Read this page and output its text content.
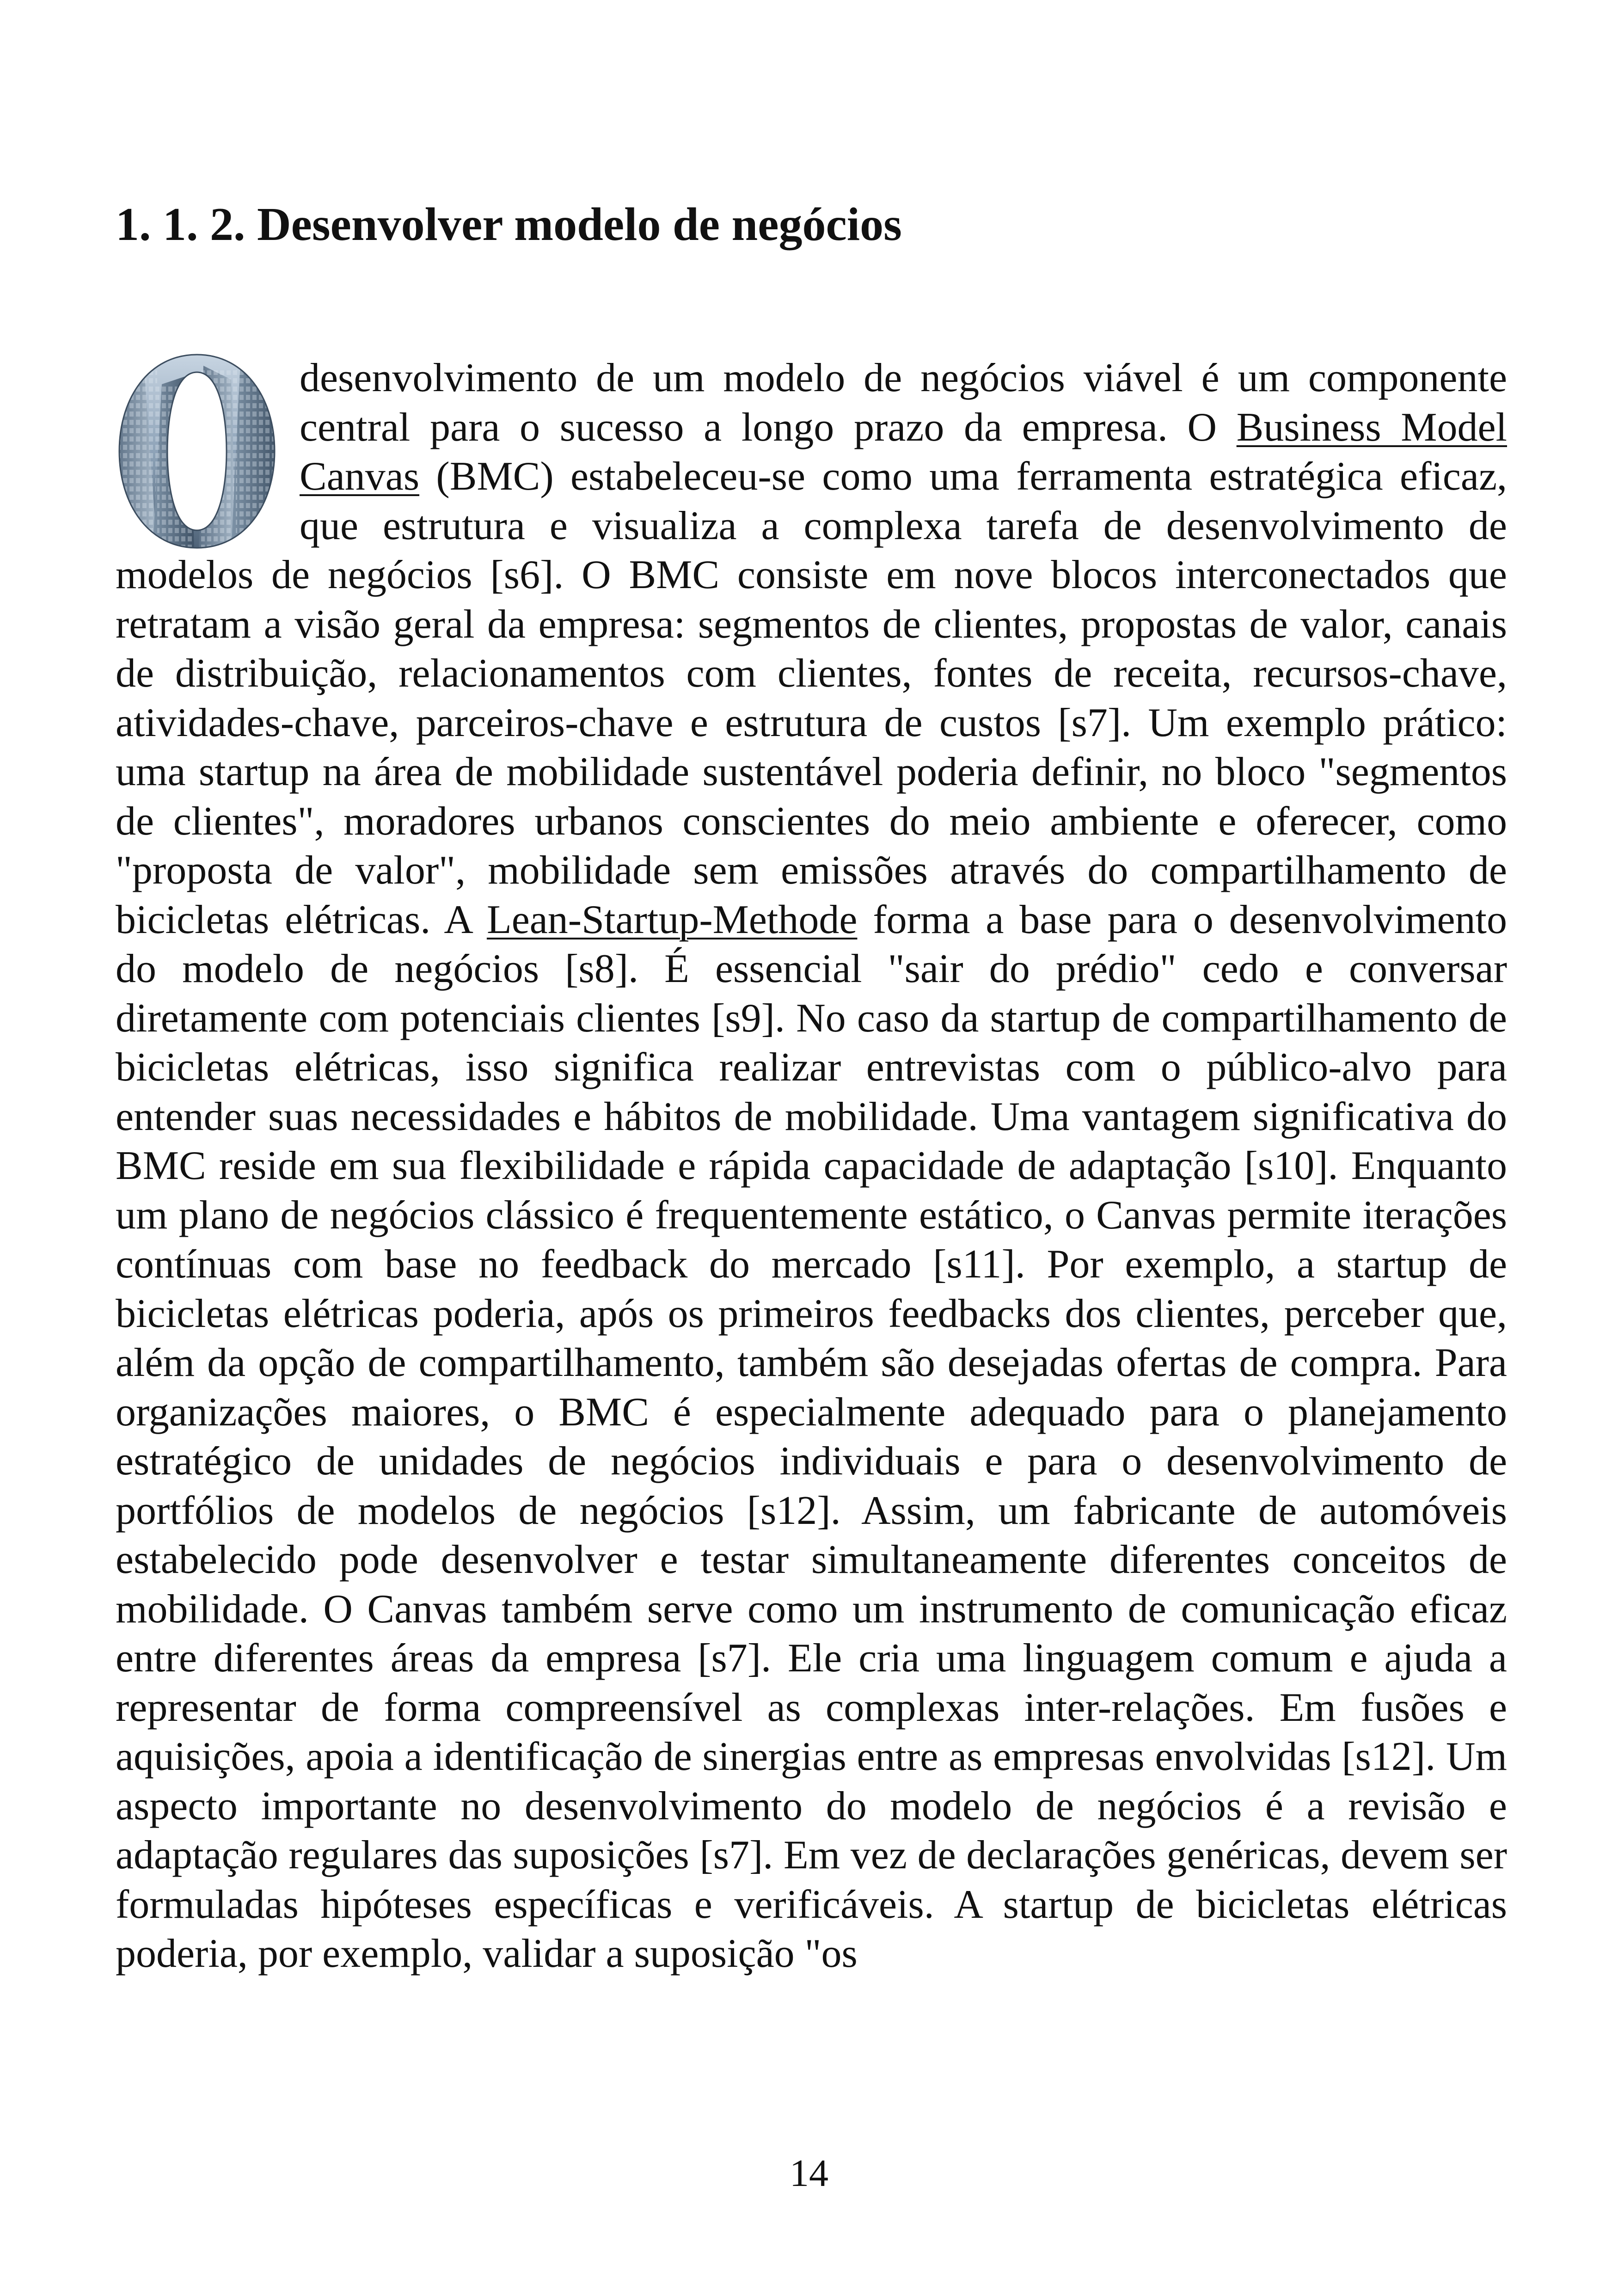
1. 1. 2. Desenvolver modelo de negócios

desenvolvimento de um modelo de negócios viável é um componente central para o sucesso a longo prazo da empresa. O Business Model Canvas (BMC) estabeleceu-se como uma ferramenta estratégica eficaz, que estrutura e visualiza a complexa tarefa de desenvolvimento de modelos de negócios [s6]. O BMC consiste em nove blocos interconectados que retratam a visão geral da empresa: segmentos de clientes, propostas de valor, canais de distribuição, relacionamentos com clientes, fontes de receita, recursos-chave, atividades-chave, parceiros-chave e estrutura de custos [s7]. Um exemplo prático: uma startup na área de mobilidade sustentável poderia definir, no bloco "segmentos de clientes", moradores urbanos conscientes do meio ambiente e oferecer, como "proposta de valor", mobilidade sem emissões através do compartilhamento de bicicletas elétricas. A Lean-Startup-Methode forma a base para o desenvolvimento do modelo de negócios [s8]. É essencial "sair do prédio" cedo e conversar diretamente com potenciais clientes [s9]. No caso da startup de compartilhamento de bicicletas elétricas, isso significa realizar entrevistas com o público-alvo para entender suas necessidades e hábitos de mobilidade. Uma vantagem significativa do BMC reside em sua flexibilidade e rápida capacidade de adaptação [s10]. Enquanto um plano de negócios clássico é frequentemente estático, o Canvas permite iterações contínuas com base no feedback do mercado [s11]. Por exemplo, a startup de bicicletas elétricas poderia, após os primeiros feedbacks dos clientes, perceber que, além da opção de compartilhamento, também são desejadas ofertas de compra. Para organizações maiores, o BMC é especialmente adequado para o planejamento estratégico de unidades de negócios individuais e para o desenvolvimento de portfólios de modelos de negócios [s12]. Assim, um fabricante de automóveis estabelecido pode desenvolver e testar simultaneamente diferentes conceitos de mobilidade. O Canvas também serve como um instrumento de comunicação eficaz entre diferentes áreas da empresa [s7]. Ele cria uma linguagem comum e ajuda a representar de forma compreensível as complexas inter-relações. Em fusões e aquisições, apoia a identificação de sinergias entre as empresas envolvidas [s12]. Um aspecto importante no desenvolvimento do modelo de negócios é a revisão e adaptação regulares das suposições [s7]. Em vez de declarações genéricas, devem ser formuladas hipóteses específicas e verificáveis. A startup de bicicletas elétricas poderia, por exemplo, validar a suposição "os

14
